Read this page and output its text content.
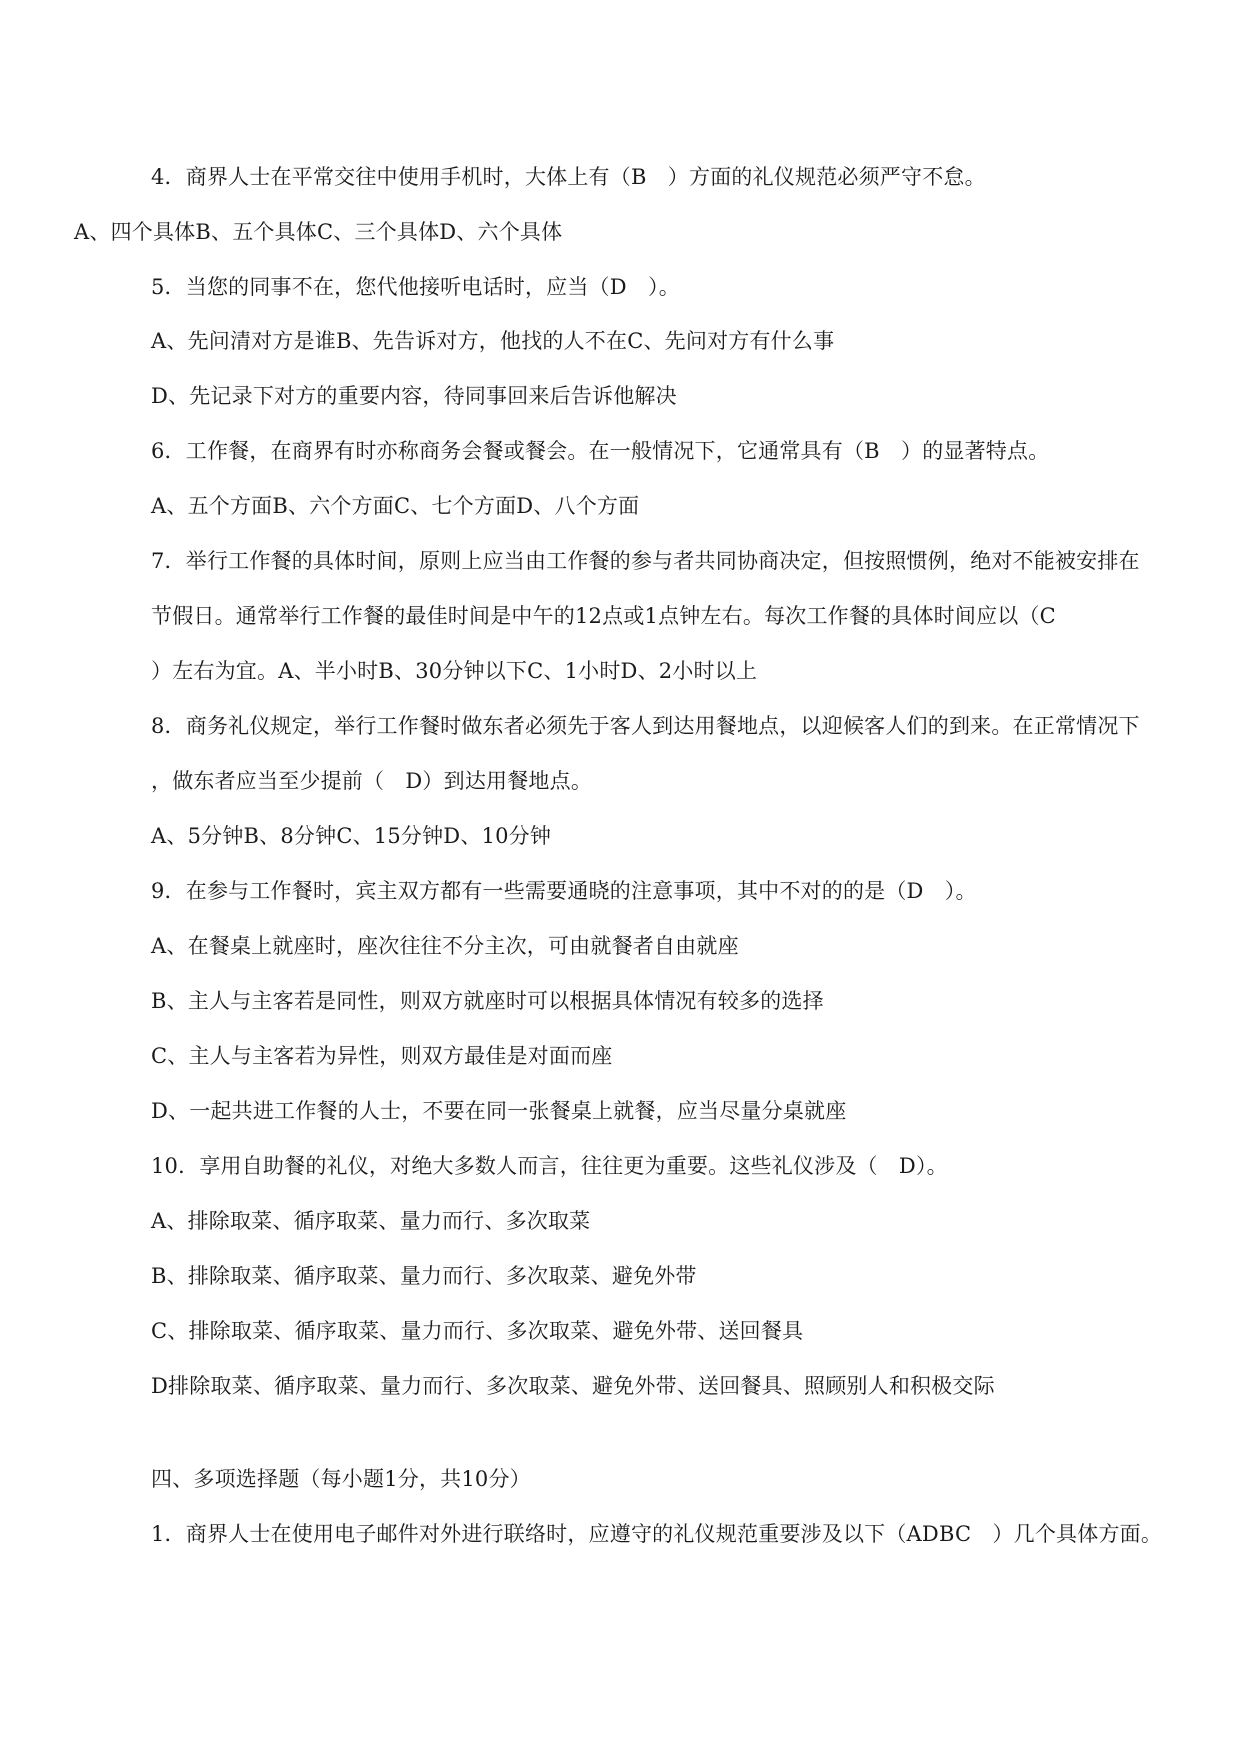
4．商界人士在平常交往中使用手机时，大体上有（B　）方面的礼仪规范必须严守不怠。
A、四个具体B、五个具体C、三个具体D、六个具体
5．当您的同事不在，您代他接听电话时，应当（D　）。
A、先问清对方是谁B、先告诉对方，他找的人不在C、先问对方有什么事
D、先记录下对方的重要内容，待同事回来后告诉他解决
6．工作餐，在商界有时亦称商务会餐或餐会。在一般情况下，它通常具有（B　）的显著特点。
A、五个方面B、六个方面C、七个方面D、八个方面
7．举行工作餐的具体时间，原则上应当由工作餐的参与者共同协商决定，但按照惯例，绝对不能被安排在
节假日。通常举行工作餐的最佳时间是中午的12点或1点钟左右。每次工作餐的具体时间应以（C
）左右为宜。A、半小时B、30分钟以下C、1小时D、2小时以上
8．商务礼仪规定，举行工作餐时做东者必须先于客人到达用餐地点，以迎候客人们的到来。在正常情况下
，做东者应当至少提前（　D）到达用餐地点。
A、5分钟B、8分钟C、15分钟D、10分钟
9．在参与工作餐时，宾主双方都有一些需要通晓的注意事项，其中不对的的是（D　）。
A、在餐桌上就座时，座次往往不分主次，可由就餐者自由就座
B、主人与主客若是同性，则双方就座时可以根据具体情况有较多的选择
C、主人与主客若为异性，则双方最佳是对面而座
D、一起共进工作餐的人士，不要在同一张餐桌上就餐，应当尽量分桌就座
10．享用自助餐的礼仪，对绝大多数人而言，往往更为重要。这些礼仪涉及（　D）。
A、排除取菜、循序取菜、量力而行、多次取菜
B、排除取菜、循序取菜、量力而行、多次取菜、避免外带
C、排除取菜、循序取菜、量力而行、多次取菜、避免外带、送回餐具
D排除取菜、循序取菜、量力而行、多次取菜、避免外带、送回餐具、照顾别人和积极交际
四、多项选择题（每小题1分，共10分）
1．商界人士在使用电子邮件对外进行联络时，应遵守的礼仪规范重要涉及以下（ADBC　）几个具体方面。
